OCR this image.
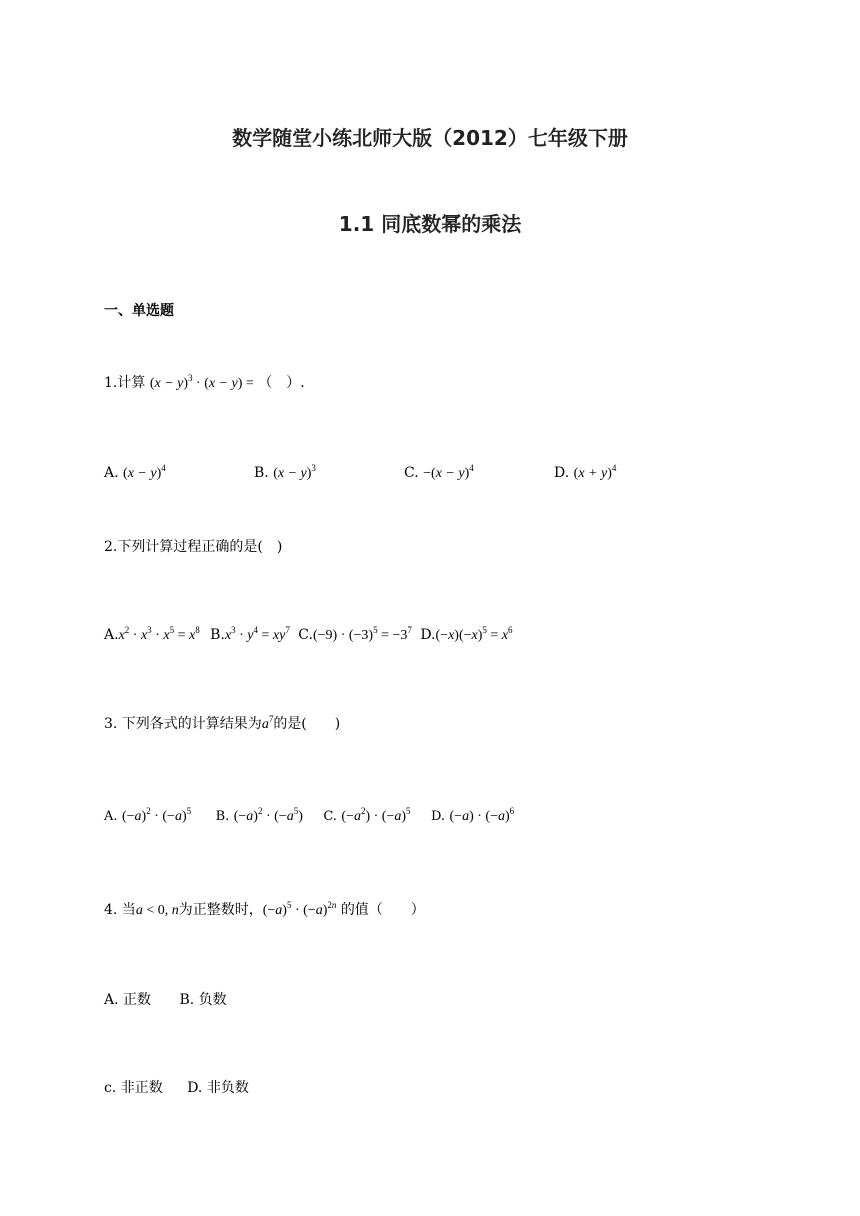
数学随堂小练北师大版（2012）七年级下册
1.1 同底数幂的乘法
一、单选题
1.计算 $(x - y)^3 \cdot (x - y)$ = （　）.
A. $(x - y)^4$	B. $(x - y)^3$	C. $-(x - y)^4$	D. $(x + y)^4$
2.下列计算过程正确的是(　)
$A.x^2 \cdot x^3 \cdot x^5 = x^8$ $B.x^3 \cdot y^4 = xy^7$ $C.(-9) \cdot (-3)^5 = -3^7$ $D.(-x)(-x)^5 = x^6$
3. 下列各式的计算结果为$a^7$的是(　　)
A. $(-a)^2 \cdot (-a)^5$ B. $(-a)^2 \cdot (-a^5)$ C. $(-a^2) \cdot (-a)^5$ D. $(-a) \cdot (-a)^6$
4. 当a < 0, n为正整数时，$(-a)^5 \cdot (-a)^{2n}$ 的值（　　）
A. 正数 B. 负数
c. 非正数 D. 非负数
